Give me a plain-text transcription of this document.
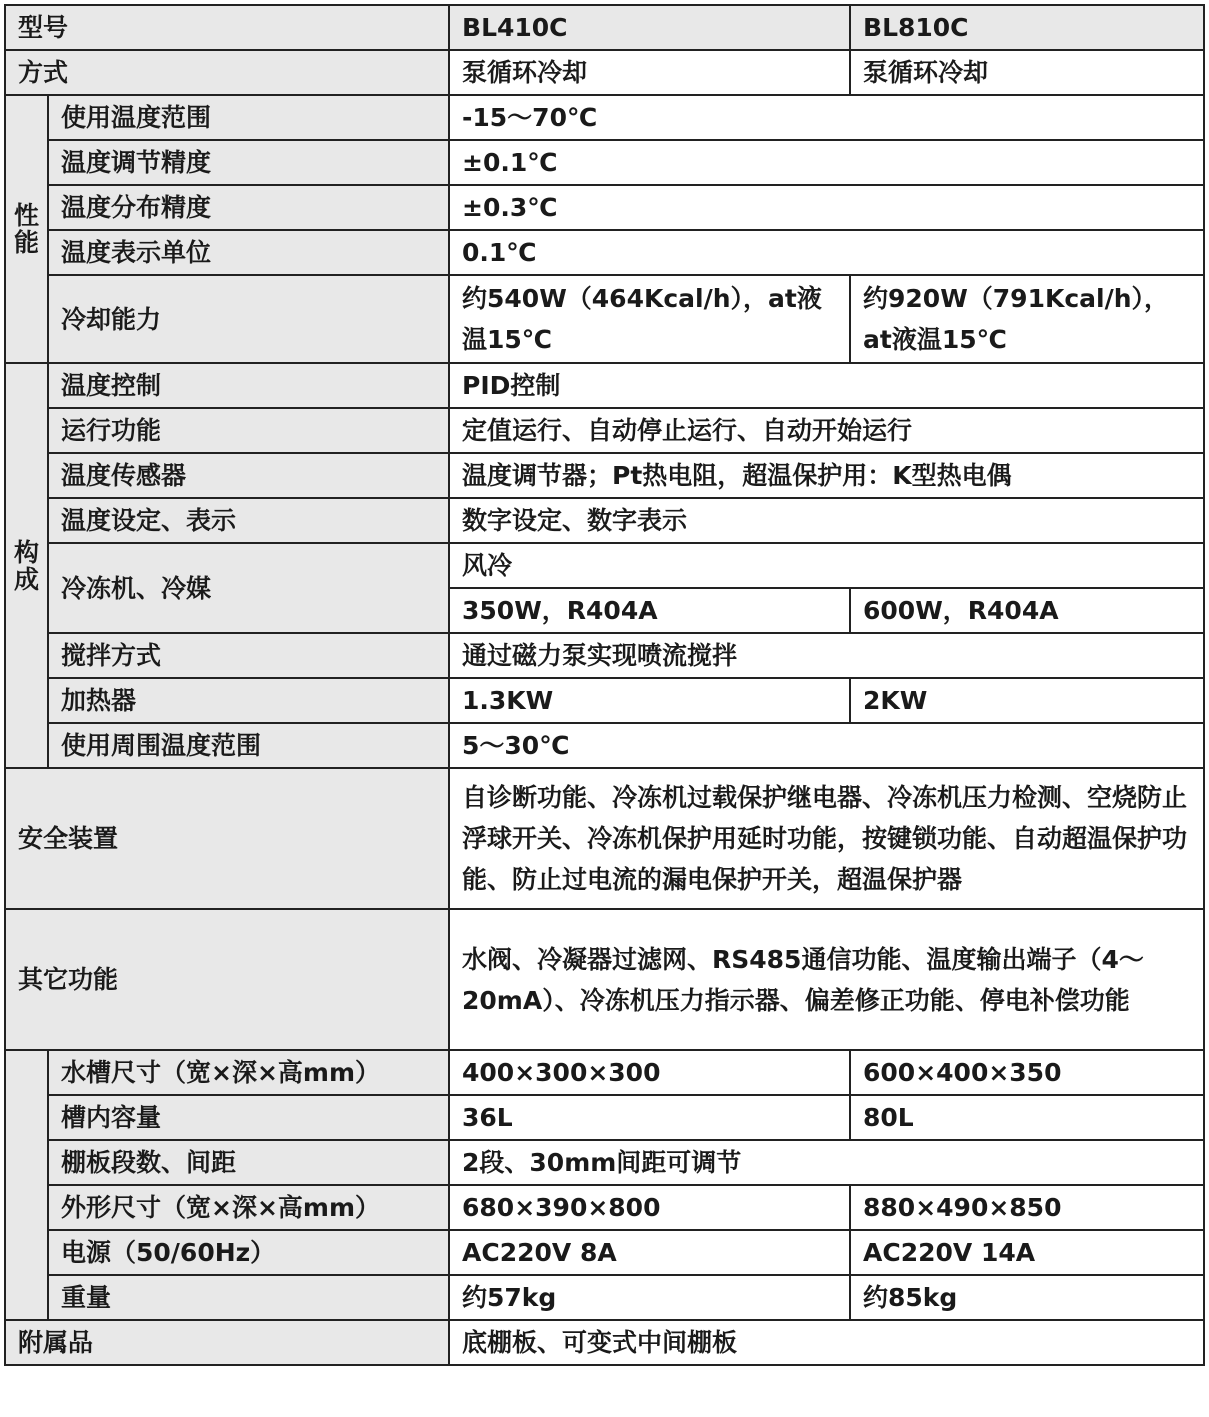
型号		BL410C	BL810C
方式		泵循环冷却	泵循环冷却
性能	使用温度范围	-15～70℃	
	温度调节精度	±0.1℃	
	温度分布精度	±0.3℃	
	温度表示单位	0.1℃	
	冷却能力	约540W（464Kcal/h），at液温15℃	约920W（791Kcal/h），at液温15℃
构成	温度控制	PID控制	
	运行功能	定值运行、自动停止运行、自动开始运行	
	温度传感器	温度调节器；Pt热电阻，超温保护用：K型热电偶	
	温度设定、表示	数字设定、数字表示	
	冷冻机、冷媒	风冷	
		350W，R404A	600W，R404A
	搅拌方式	通过磁力泵实现喷流搅拌	
	加热器	1.3KW	2KW
	使用周围温度范围	5～30℃	
安全装置		自诊断功能、冷冻机过载保护继电器、冷冻机压力检测、空烧防止浮球开关、冷冻机保护用延时功能，按键锁功能、自动超温保护功能、防止过电流的漏电保护开关，超温保护器	
其它功能		水阀、冷凝器过滤网、RS485通信功能、温度输出端子（4～20mA）、冷冻机压力指示器、偏差修正功能、停电补偿功能	
	水槽尺寸（宽×深×高mm）	400×300×300	600×400×350
	槽内容量	36L	80L
	棚板段数、间距	2段、30mm间距可调节	
	外形尺寸（宽×深×高mm）	680×390×800	880×490×850
	电源（50/60Hz）	AC220V 8A	AC220V 14A
	重量	约57kg	约85kg
附属品		底棚板、可变式中间棚板	
